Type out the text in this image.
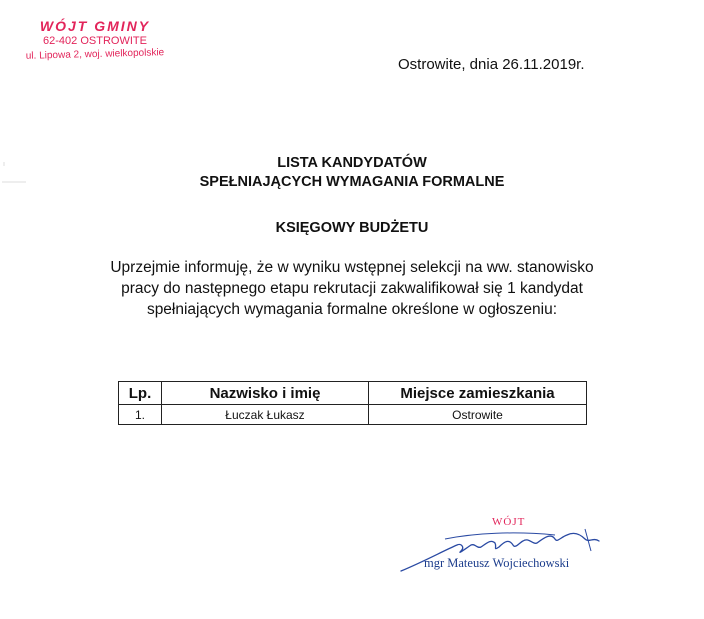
WÓJT GMINY
62-402 OSTROWITE
ul. Lipowa 2, woj. wielkopolskie
Ostrowite, dnia 26.11.2019r.
LISTA KANDYDATÓW
SPEŁNIAJĄCYCH WYMAGANIA FORMALNE
KSIĘGOWY BUDŻETU
Uprzejmie informuję, że w wyniku wstępnej selekcji na ww. stanowisko
pracy do następnego etapu rekrutacji zakwalifikował się 1 kandydat
spełniających wymagania formalne określone w ogłoszeniu:
Lp.	Nazwisko i imię	Miejsce zamieszkania
1.	Łuczak Łukasz	Ostrowite
WÓJT
mgr Mateusz Wojciechowski
